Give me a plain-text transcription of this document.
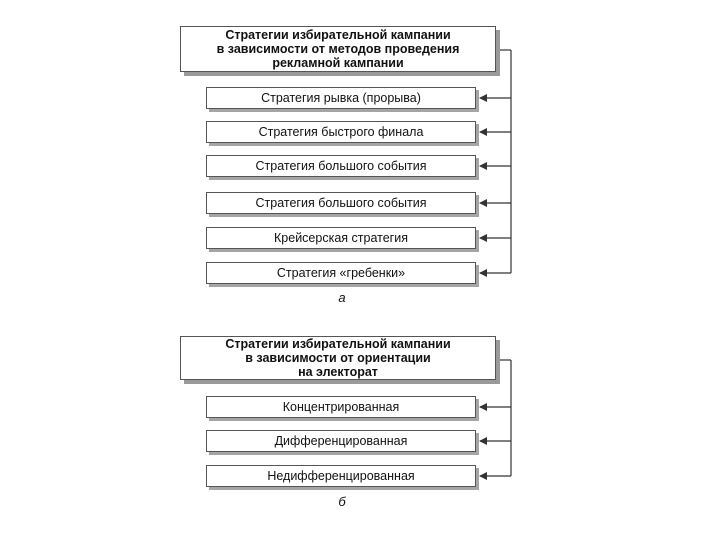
Стратегии избирательной кампании
в зависимости от методов проведения
рекламной кампании
Стратегия рывка (прорыва)
Стратегия быстрого финала
Стратегия большого события
Стратегия большого события
Крейсерская стратегия
Стратегия «гребенки»
а
Стратегии избирательной кампании
в зависимости от ориентации
на электорат
Концентрированная
Дифференцированная
Недифференцированная
б
